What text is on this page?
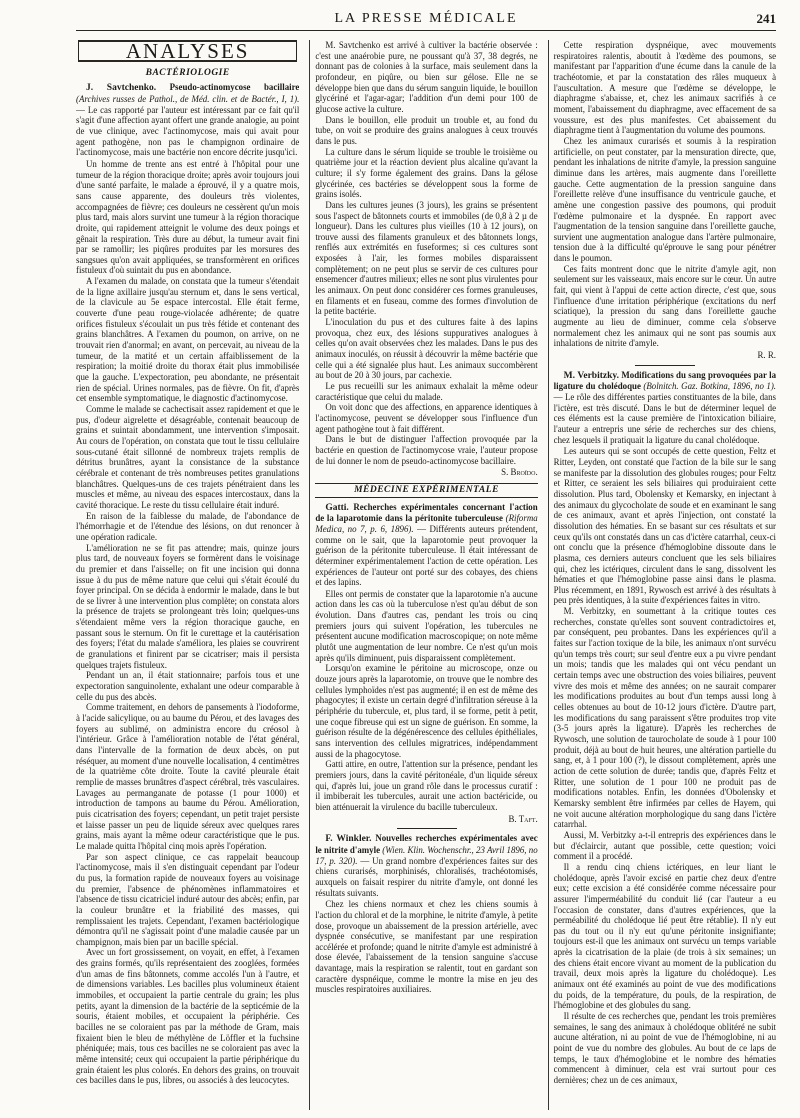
LA PRESSE MÉDICALE	241
ANALYSES
BACTÉRIOLOGIE
J. Savtchenko. Pseudo-actinomycose bacillaire (Archives russes de Pathol., de Méd. clin. et de Bactér., I, 1). — Le cas rapporté par l'auteur est intéressant par ce fait qu'il s'agit d'une affection ayant offert une grande analogie, au point de vue clinique, avec l'actinomycose, mais qui avait pour agent pathogène, non pas le champignon ordinaire de l'actinomycose, mais une bactérie non encore décrite jusqu'ici.

Un homme de trente ans est entré à l'hôpital pour une tumeur de la région thoracique droite; après avoir toujours joui d'une santé parfaite, le malade a éprouvé, il y a quatre mois, sans cause apparente, des douleurs très violentes, accompagnées de fièvre; ces douleurs ne cessèrent qu'un mois plus tard, mais alors survint une tumeur à la région thoracique droite, qui rapidement atteignit le volume des deux poings et gênait la respiration. Très dure au début, la tumeur avait fini par se ramollir; les piqûres produites par les morsures des sangsues qu'on avait appliquées, se transformèrent en orifices fistuleux d'où suintait du pus en abondance.

A l'examen du malade, on constata que la tumeur s'étendait de la ligne axillaire jusqu'au sternum et, dans le sens vertical, de la clavicule au 5e espace intercostal. Elle était ferme, couverte d'une peau rouge-violacée adhérente; de quatre orifices fistuleux s'écoulait un pus très fétide et contenant des grains blanchâtres. A l'examen du poumon, on arrive, on ne trouvait rien d'anormal; en avant, on percevait, au niveau de la tumeur, de la matité et un certain affaiblissement de la respiration; la moitié droite du thorax était plus immobilisée que la gauche. L'expectoration, peu abondante, ne présentait rien de spécial. Urines normales, pas de fièvre. On fit, d'après cet ensemble symptomatique, le diagnostic d'actinomycose.

Comme le malade se cachectisait assez rapidement et que le pus, d'odeur aigrelette et désagréable, contenait beaucoup de grains et suintait abondamment, une intervention s'imposait. Au cours de l'opération, on constata que tout le tissu cellulaire sous-cutané était sillonné de nombreux trajets remplis de détritus brunâtres, ayant la consistance de la substance cérébrale et contenant de très nombreuses petites granulations blanchâtres. Quelques-uns de ces trajets pénétraient dans les muscles et même, au niveau des espaces intercostaux, dans la cavité thoracique. Le reste du tissu cellulaire était induré.

En raison de la faiblesse du malade, de l'abondance de l'hémorrhagie et de l'étendue des lésions, on dut renoncer à une opération radicale.

L'amélioration ne se fit pas attendre; mais, quinze jours plus tard, de nouveaux foyers se formèrent dans le voisinage du premier et dans l'aisselle; on fit une incision qui donna issue à du pus de même nature que celui qui s'était écoulé du foyer principal. On se décida à endormir le malade, dans le but de se livrer à une intervention plus complète; on constata alors la présence de trajets se prolongeant très loin; quelques-uns s'étendaient même vers la région thoracique gauche, en passant sous le sternum. On fit le curettage et la cautérisation des foyers; l'état du malade s'améliora, les plaies se couvrirent de granulations et finirent par se cicatriser; mais il persista quelques trajets fistuleux.

Pendant un an, il était stationnaire; parfois tous et une expectoration sanguinolente, exhalant une odeur comparable à celle du pus des abcès.

Comme traitement, en dehors de pansements à l'iodoforme, à l'acide salicylique, ou au baume du Pérou, et des lavages des foyers au sublimé, on administra encore du créosol à l'intérieur. Grâce à l'amélioration notable de l'état général, dans l'intervalle de la formation de deux abcès, on put réséquer, au moment d'une nouvelle localisation, 4 centimètres de la quatrième côte droite. Toute la cavité pleurale était remplie de masses brunâtres d'aspect cérébral, très vasculaires. Lavages au permanganate de potasse (1 pour 1000) et introduction de tampons au baume du Pérou. Amélioration, puis cicatrisation des foyers; cependant, un petit trajet persiste et laisse passer un peu de liquide séreux avec quelques rares grains, mais ayant la même odeur caractéristique que le pus. Le malade quitta l'hôpital cinq mois après l'opération.

Par son aspect clinique, ce cas rappelait beaucoup l'actinomycose, mais il s'en distinguait cependant par l'odeur du pus, la formation rapide de nouveaux foyers au voisinage du premier, l'absence de phénomènes inflammatoires et l'absence de tissu cicatriciel induré autour des abcès; enfin, par la couleur brunâtre et la friabilité des masses, qui remplissaient les trajets. Cependant, l'examen bactériologique démontra qu'il ne s'agissait point d'une maladie causée par un champignon, mais bien par un bacille spécial.

Avec un fort grossissement, on voyait, en effet, à l'examen des grains formés, qu'ils représentaient des zooglées, formées d'un amas de fins bâtonnets, comme accolés l'un à l'autre, et de dimensions variables. Les bacilles plus volumineux étaient immobiles, et occupaient la partie centrale du grain; les plus petits, ayant la dimension de la bactérie de la septicémie de la souris, étaient mobiles, et occupaient la périphérie. Ces bacilles ne se coloraient pas par la méthode de Gram, mais fixaient bien le bleu de méthylène de Löffler et la fuchsine phéniquée; mais, tous ces bacilles ne se coloraient pas avec la même intensité; ceux qui occupaient la partie périphérique du grain étaient les plus colorés. En dehors des grains, on trouvait ces bacilles dans le pus, libres, ou associés à des leucocytes.

M. Savtchenko est arrivé à cultiver la bactérie observée : c'est une anaérobie pure, ne poussant qu'à 37, 38 degrés, ne donnant pas de colonies à la surface, mais seulement dans la profondeur, en piqûre, ou bien sur gélose. Elle ne se développe bien que dans du sérum sanguin liquide, le bouillon glycériné et l'agar-agar; l'addition d'un demi pour 100 de glucose active la culture.

Dans le bouillon, elle produit un trouble et, au fond du tube, on voit se produire des grains analogues à ceux trouvés dans le pus.

La culture dans le sérum liquide se trouble le troisième ou quatrième jour et la réaction devient plus alcaline qu'avant la culture; il s'y forme également des grains. Dans la gélose glycérinée, ces bactéries se développent sous la forme de grains isolés.

Dans les cultures jeunes (3 jours), les grains se présentent sous l'aspect de bâtonnets courts et immobiles (de 0,8 à 2 µ de longueur). Dans les cultures plus vieilles (10 à 12 jours), on trouve aussi des filaments granuleux et des bâtonnets longs, renflés aux extrémités en fuseformes; si ces cultures sont exposées à l'air, les formes mobiles disparaissent complètement; on ne peut plus se servir de ces cultures pour ensemencer d'autres milieux; elles ne sont plus virulentes pour les animaux. On peut donc considérer ces formes granuleuses, en filaments et en fuseau, comme des formes d'involution de la petite bactérie.

L'inoculation du pus et des cultures faite à des lapins provoqua, chez eux, des lésions suppuratives analogues à celles qu'on avait observées chez les malades. Dans le pus des animaux inoculés, on réussit à découvrir la même bactérie que celle qui a été signalée plus haut. Les animaux succombèrent au bout de 20 à 30 jours, par cachexie.

Le pus recueilli sur les animaux exhalait la même odeur caractéristique que celui du malade.

On voit donc que des affections, en apparence identiques à l'actinomycose, peuvent se développer sous l'influence d'un agent pathogène tout à fait différent.

Dans le but de distinguer l'affection provoquée par la bactérie en question de l'actinomycose vraie, l'auteur propose de lui donner le nom de pseudo-actinomycose bacillaire.

S. Broïdo.
MÉDECINE EXPÉRIMENTALE
Gatti. Recherches expérimentales concernant l'action de la laparotomie dans la péritonite tuberculeuse (Riforma Medica, no 7, p. 6, 1896). — Différents auteurs prétendent, comme on le sait, que la laparotomie peut provoquer la guérison de la péritonite tuberculeuse. Il était intéressant de déterminer expérimentalement l'action de cette opération. Les expériences de l'auteur ont porté sur des cobayes, des chiens et des lapins.

Elles ont permis de constater que la laparotomie n'a aucune action dans les cas où la tuberculose n'est qu'au début de son évolution. Dans d'autres cas, pendant les trois ou cinq premiers jours qui suivent l'opération, les tubercules ne présentent aucune modification macroscopique; on note même plutôt une augmentation de leur nombre. Ce n'est qu'un mois après qu'ils diminuent, puis disparaissent complètement.

Lorsqu'on examine le péritoine au microscope, onze ou douze jours après la laparotomie, on trouve que le nombre des cellules lymphoïdes n'est pas augmenté; il en est de même des phagocytes; il existe un certain degré d'infiltration séreuse à la périphérie du tubercule, et, plus tard, il se forme, petit à petit, une coque fibreuse qui est un signe de guérison. En somme, la guérison résulte de la dégénérescence des cellules épithéliales, sans intervention des cellules migratrices, indépendamment aussi de la phagocytose.

Gatti attire, en outre, l'attention sur la présence, pendant les premiers jours, dans la cavité péritonéale, d'un liquide séreux qui, d'après lui, joue un grand rôle dans le processus curatif : il imbiberait les tubercules, aurait une action bactéricide, ou bien atténuerait la virulence du bacille tuberculeux.

B. Taft.
F. Winkler. Nouvelles recherches expérimentales avec le nitrite d'amyle (Wien. Klin. Wochenschr., 23 Avril 1896, no 17, p. 320). — Un grand nombre d'expériences faites sur des chiens curarisés, morphinisés, chloralisés, trachéotomisés, auxquels on faisait respirer du nitrite d'amyle, ont donné les résultats suivants.

Chez les chiens normaux et chez les chiens soumis à l'action du chloral et de la morphine, le nitrite d'amyle, à petite dose, provoque un abaissement de la pression artérielle, avec dyspnée consécutive, se manifestant par une respiration accélérée et profonde; quand le nitrite d'amyle est administré à dose élevée, l'abaissement de la tension sanguine s'accuse davantage, mais la respiration se ralentit, tout en gardant son caractère dyspnéique, comme le montre la mise en jeu des muscles respiratoires auxiliaires.

Cette respiration dyspnéique, avec mouvements respiratoires ralentis, aboutit à l'œdème des poumons, se manifestant par l'apparition d'une écume dans la canule de la trachéotomie, et par la constatation des râles muqueux à l'auscultation. A mesure que l'œdème se développe, le diaphragme s'abaisse, et, chez les animaux sacrifiés à ce moment, l'abaissement du diaphragme, avec effacement de sa voussure, est des plus manifestes. Cet abaissement du diaphragme tient à l'augmentation du volume des poumons.

Chez les animaux curarisés et soumis à la respiration artificielle, on peut constater, par la mensuration directe, que, pendant les inhalations de nitrite d'amyle, la pression sanguine diminue dans les artères, mais augmente dans l'oreillette gauche. Cette augmentation de la pression sanguine dans l'oreillette relève d'une insuffisance du ventricule gauche, et amène une congestion passive des poumons, qui produit l'œdème pulmonaire et la dyspnée. En rapport avec l'augmentation de la tension sanguine dans l'oreillette gauche, survient une augmentation analogue dans l'artère pulmonaire, tension due à la difficulté qu'éprouve le sang pour pénétrer dans le poumon.

Ces faits montrent donc que le nitrite d'amyle agit, non seulement sur les vaisseaux, mais encore sur le cœur. Un autre fait, qui vient à l'appui de cette action directe, c'est que, sous l'influence d'une irritation périphérique (excitations du nerf sciatique), la pression du sang dans l'oreillette gauche augmente au lieu de diminuer, comme cela s'observe normalement chez les animaux qui ne sont pas soumis aux inhalations de nitrite d'amyle.

R. R.
M. Verbitzky. Modifications du sang provoquées par la ligature du cholédoque (Bolnitch. Gaz. Botkina, 1896, no 1). — Le rôle des différentes parties constituantes de la bile, dans l'ictère, est très discuté. Dans le but de déterminer lequel de ces éléments est la cause première de l'intoxication biliaire, l'auteur a entrepris une série de recherches sur des chiens, chez lesquels il pratiquait la ligature du canal cholédoque.

Les auteurs qui se sont occupés de cette question, Feltz et Ritter, Leyden, ont constaté que l'action de la bile sur le sang se manifeste par la dissolution des globules rouges; pour Feltz et Ritter, ce seraient les sels biliaires qui produiraient cette dissolution. Plus tard, Obolensky et Kemarsky, en injectant à des animaux du glycocholate de soude et en examinant le sang de ces animaux, avant et après l'injection, ont constaté la dissolution des hématies. En se basant sur ces résultats et sur ceux qu'ils ont constatés dans un cas d'ictère catarrhal, ceux-ci ont conclu que la présence d'hémoglobine dissoute dans le plasma, ces derniers auteurs concluent que les sels biliaires qui, chez les ictériques, circulent dans le sang, dissolvent les hématies et que l'hémoglobine passe ainsi dans le plasma. Plus récemment, en 1891, Rywosch est arrivé à des résultats à peu près identiques, à la suite d'expériences faites in vitro.

M. Verbitzky, en soumettant à la critique toutes ces recherches, constate qu'elles sont souvent contradictoires et, par conséquent, peu probantes. Dans les expériences qu'il a faites sur l'action toxique de la bile, les animaux n'ont survécu qu'un temps très court; sur seul d'entre eux a pu vivre pendant un mois; tandis que les malades qui ont vécu pendant un certain temps avec une obstruction des voies biliaires, peuvent vivre des mois et même des années; on ne saurait comparer les modifications produites au bout d'un temps aussi long à celles obtenues au bout de 10-12 jours d'ictère. D'autre part, les modifications du sang paraissent s'être produites trop vite (3-5 jours après la ligature). D'après les recherches de Rywosch, une solution de taurocholate de soude à 1 pour 100 produit, déjà au bout de huit heures, une altération partielle du sang, et, à 1 pour 100 (?), le dissout complètement, après une action de cette solution de durée; tandis que, d'après Feltz et Ritter, une solution de 1 pour 100 ne produit pas de modifications notables. Enfin, les données d'Obolensky et Kemarsky semblent être infirmées par celles de Hayem, qui ne voit aucune altération morphologique du sang dans l'ictère catarrhal.

Aussi, M. Verbitzky a-t-il entrepris des expériences dans le but d'éclaircir, autant que possible, cette question; voici comment il a procédé.

Il a rendu cinq chiens ictériques, en leur liant le cholédoque, après l'avoir excisé en partie chez deux d'entre eux; cette excision a été considérée comme nécessaire pour assurer l'imperméabilité du conduit lié (car l'auteur a eu l'occasion de constater, dans d'autres expériences, que la perméabilité du cholédoque lié peut être rétablie). Il n'y eut pas du tout ou il n'y eut qu'une péritonite insignifiante; toujours est-il que les animaux ont survécu un temps variable après la cicatrisation de la plaie (de trois à six semaines; un des chiens était encore vivant au moment de la publication du travail, deux mois après la ligature du cholédoque). Les animaux ont été examinés au point de vue des modifications du poids, de la température, du pouls, de la respiration, de l'hémoglobine et des globules du sang.

Il résulte de ces recherches que, pendant les trois premières semaines, le sang des animaux à cholédoque oblitéré ne subit aucune altération, ni au point de vue de l'hémoglobine, ni au point de vue du nombre des globules. Au bout de ce laps de temps, le taux d'hémoglobine et le nombre des hématies commencent à diminuer, cela est vrai surtout pour ces dernières; chez un de ces animaux,
